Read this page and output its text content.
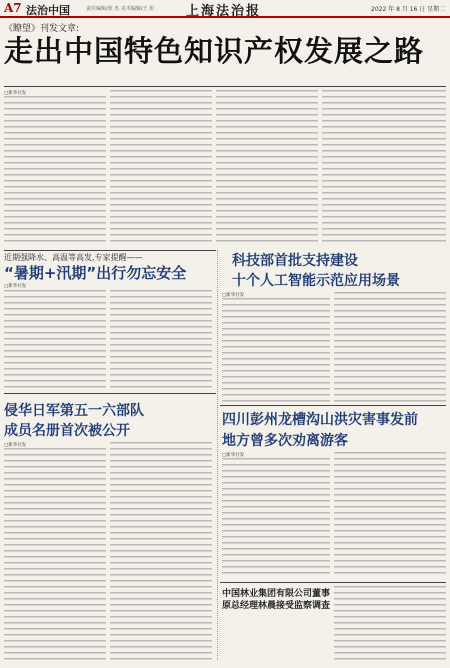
A7 法治中国	责任编辑/张 杰 美术编辑/王 彤 上海法治报	2022 年 8 月 16 日 星期二
《瞭望》刊发文章:
走出中国特色知识产权发展之路
□新华社发
近期强降水、高温等高发,专家提醒——
“暑期+汛期”出行勿忘安全
□新华社发
科技部首批支持建设
十个人工智能示范应用场景
□新华社发
四川彭州龙槽沟山洪灾害事发前
地方曾多次劝离游客
□新华社发
侵华日军第五一六部队
成员名册首次被公开
□新华社发
中国林业集团有限公司董事
原总经理林晨接受监察调查
